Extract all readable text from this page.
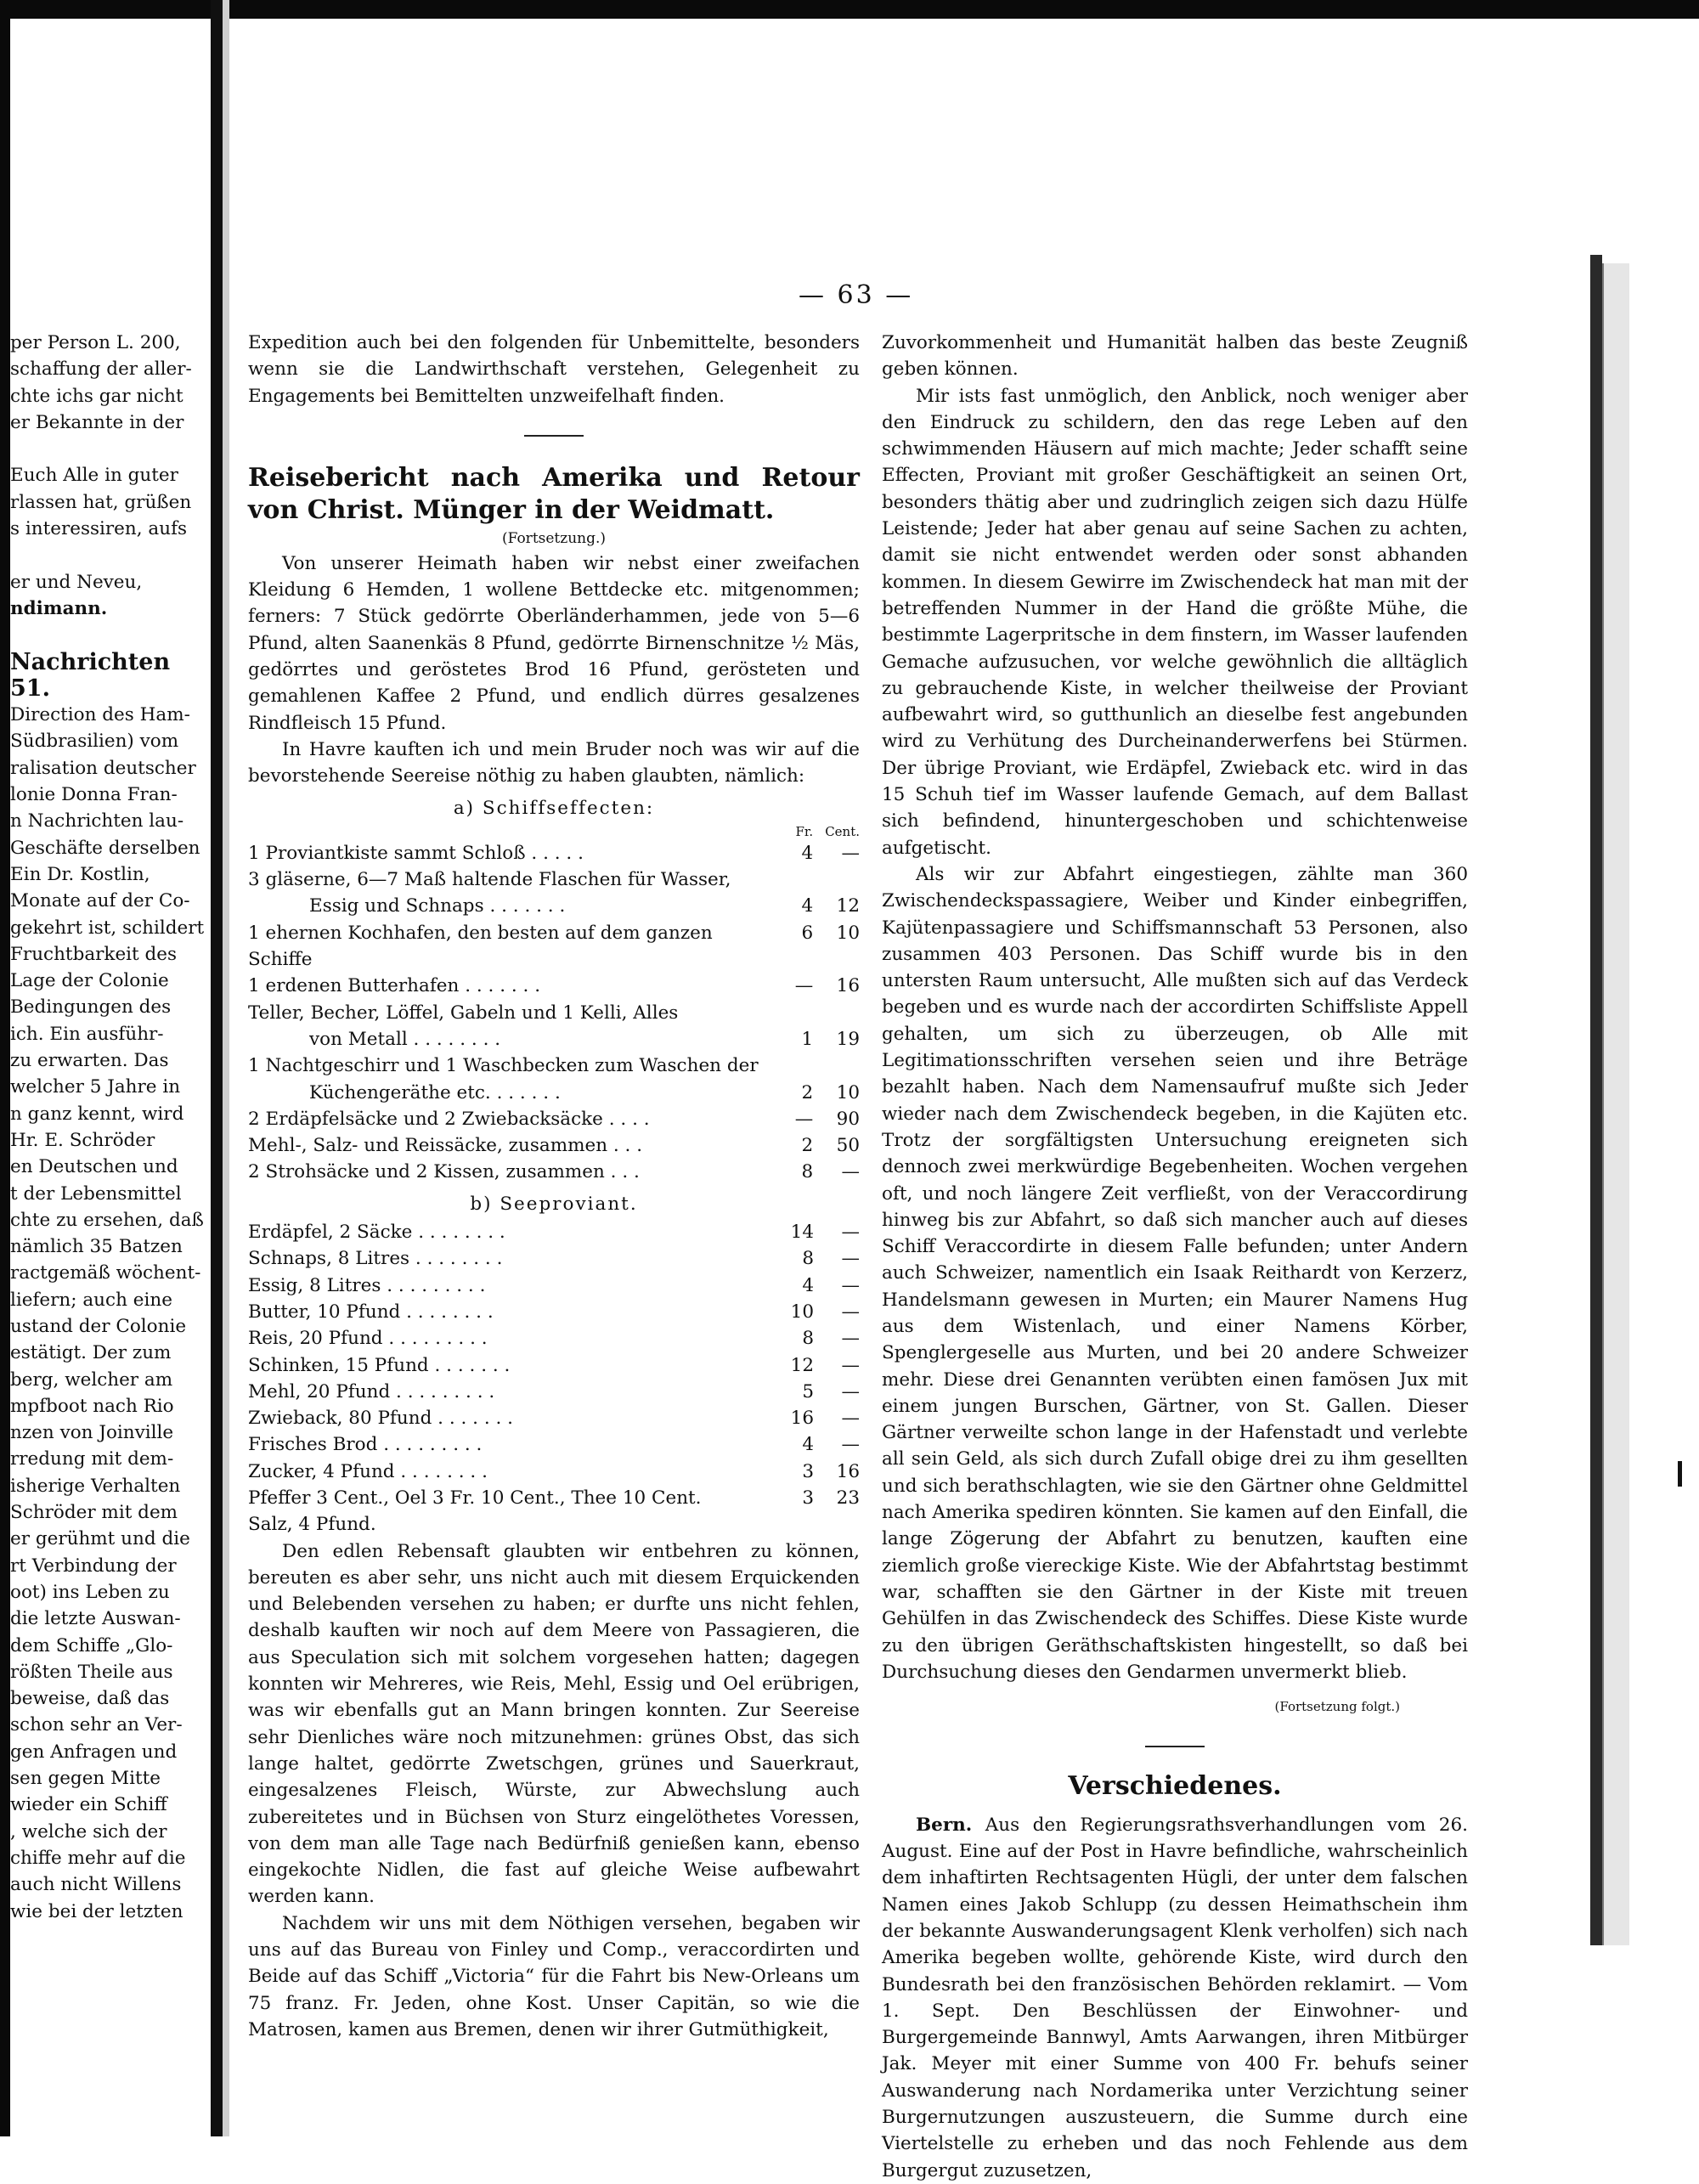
— 63 —
per Person L. 200,
schaffung der aller-
chte ichs gar nicht
er Bekannte in der

Euch Alle in guter
rlassen hat, grüßen
s interessiren, aufs

er und Neveu,
ndimann.

Nachrichten
51.
Direction des Ham-
Südbrasilien) vom
ralisation deutscher
lonie Donna Fran-
n Nachrichten lau-
Geschäfte derselben
Ein Dr. Kostlin,
Monate auf der Co-
gekehrt ist, schildert
Fruchtbarkeit des
Lage der Colonie
Bedingungen des
ich. Ein ausführ-
zu erwarten. Das
welcher 5 Jahre in
n ganz kennt, wird
Hr. E. Schröder
en Deutschen und
t der Lebensmittel
chte zu ersehen, daß
nämlich 35 Batzen
ractgemäß wöchent-
liefern; auch eine
ustand der Colonie
estätigt. Der zum
berg, welcher am
mpfboot nach Rio
nzen von Joinville
rredung mit dem-
isherige Verhalten
Schröder mit dem
er gerühmt und die
rt Verbindung der
oot) ins Leben zu
die letzte Auswan-
dem Schiffe „Glo-
rößten Theile aus
beweise, daß das
schon sehr an Ver-
gen Anfragen und
sen gegen Mitte
wieder ein Schiff
, welche sich der
chiffe mehr auf die
auch nicht Willens
wie bei der letzten

Expedition auch bei den folgenden für Unbemittelte, besonders wenn sie die Landwirthschaft verstehen, Gelegenheit zu Engagements bei Bemittelten unzweifelhaft finden.

Reisebericht nach Amerika und Retour von Christ. Münger in der Weidmatt.

(Fortsetzung.)

Von unserer Heimath haben wir nebst einer zweifachen Kleidung 6 Hemden, 1 wollene Bettdecke etc. mitgenommen; ferners: 7 Stück gedörrte Oberländerhammen, jede von 5—6 Pfund, alten Saanenkäs 8 Pfund, gedörrte Birnenschnitze ½ Mäs, gedörrtes und geröstetes Brod 16 Pfund, gerösteten und gemahlenen Kaffee 2 Pfund, und endlich dürres gesalzenes Rindfleisch 15 Pfund.

In Havre kauften ich und mein Bruder noch was wir auf die bevorstehende Seereise nöthig zu haben glaubten, nämlich:

a) Schiffseffecten:
	Fr.	Cent.
1 Proviantkiste sammt Schloß . . . . .	4	—
3 gläserne, 6—7 Maß haltende Flaschen für Wasser,		
Essig und Schnaps . . . . . . .	4	12
1 ehernen Kochhafen, den besten auf dem ganzen Schiffe	6	10
1 erdenen Butterhafen . . . . . . .	—	16
Teller, Becher, Löffel, Gabeln und 1 Kelli, Alles		
von Metall . . . . . . . .	1	19
1 Nachtgeschirr und 1 Waschbecken zum Waschen der		
Küchengeräthe etc. . . . . . .	2	10
2 Erdäpfelsäcke und 2 Zwiebacksäcke . . . .	—	90
Mehl-, Salz- und Reissäcke, zusammen . . .	2	50
2 Strohsäcke und 2 Kissen, zusammen . . .	8	—
b) Seeproviant.
Erdäpfel, 2 Säcke . . . . . . . .	14	—
Schnaps, 8 Litres . . . . . . . .	8	—
Essig, 8 Litres . . . . . . . . .	4	—
Butter, 10 Pfund . . . . . . . .	10	—
Reis, 20 Pfund . . . . . . . . .	8	—
Schinken, 15 Pfund . . . . . . .	12	—
Mehl, 20 Pfund . . . . . . . . .	5	—
Zwieback, 80 Pfund . . . . . . .	16	—
Frisches Brod . . . . . . . . .	4	—
Zucker, 4 Pfund . . . . . . . .	3	16
Pfeffer 3 Cent., Oel 3 Fr. 10 Cent., Thee 10 Cent.	3	23
Salz, 4 Pfund.		

Den edlen Rebensaft glaubten wir entbehren zu können, bereuten es aber sehr, uns nicht auch mit diesem Erquickenden und Belebenden versehen zu haben; er durfte uns nicht fehlen, deshalb kauften wir noch auf dem Meere von Passagieren, die aus Speculation sich mit solchem vorgesehen hatten; dagegen konnten wir Mehreres, wie Reis, Mehl, Essig und Oel erübrigen, was wir ebenfalls gut an Mann bringen konnten. Zur Seereise sehr Dienliches wäre noch mitzunehmen: grünes Obst, das sich lange haltet, gedörrte Zwetschgen, grünes und Sauerkraut, eingesalzenes Fleisch, Würste, zur Abwechslung auch zubereitetes und in Büchsen von Sturz eingelöthetes Voressen, von dem man alle Tage nach Bedürfniß genießen kann, ebenso eingekochte Nidlen, die fast auf gleiche Weise aufbewahrt werden kann.

Nachdem wir uns mit dem Nöthigen versehen, begaben wir uns auf das Bureau von Finley und Comp., veraccordirten und Beide auf das Schiff „Victoria“ für die Fahrt bis New-Orleans um 75 franz. Fr. Jeden, ohne Kost. Unser Capitän, so wie die Matrosen, kamen aus Bremen, denen wir ihrer Gutmüthigkeit,

Zuvorkommenheit und Humanität halben das beste Zeugniß geben können.

Mir ists fast unmöglich, den Anblick, noch weniger aber den Eindruck zu schildern, den das rege Leben auf den schwimmenden Häusern auf mich machte; Jeder schafft seine Effecten, Proviant mit großer Geschäftigkeit an seinen Ort, besonders thätig aber und zudringlich zeigen sich dazu Hülfe Leistende; Jeder hat aber genau auf seine Sachen zu achten, damit sie nicht entwendet werden oder sonst abhanden kommen. In diesem Gewirre im Zwischendeck hat man mit der betreffenden Nummer in der Hand die größte Mühe, die bestimmte Lagerpritsche in dem finstern, im Wasser laufenden Gemache aufzusuchen, vor welche gewöhnlich die alltäglich zu gebrauchende Kiste, in welcher theilweise der Proviant aufbewahrt wird, so gutthunlich an dieselbe fest angebunden wird zu Verhütung des Durcheinanderwerfens bei Stürmen. Der übrige Proviant, wie Erdäpfel, Zwieback etc. wird in das 15 Schuh tief im Wasser laufende Gemach, auf dem Ballast sich befindend, hinuntergeschoben und schichtenweise aufgetischt.

Als wir zur Abfahrt eingestiegen, zählte man 360 Zwischendeckspassagiere, Weiber und Kinder einbegriffen, Kajütenpassagiere und Schiffsmannschaft 53 Personen, also zusammen 403 Personen. Das Schiff wurde bis in den untersten Raum untersucht, Alle mußten sich auf das Verdeck begeben und es wurde nach der accordirten Schiffsliste Appell gehalten, um sich zu überzeugen, ob Alle mit Legitimationsschriften versehen seien und ihre Beträge bezahlt haben. Nach dem Namensaufruf mußte sich Jeder wieder nach dem Zwischendeck begeben, in die Kajüten etc. Trotz der sorgfältigsten Untersuchung ereigneten sich dennoch zwei merkwürdige Begebenheiten. Wochen vergehen oft, und noch längere Zeit verfließt, von der Veraccordirung hinweg bis zur Abfahrt, so daß sich mancher auch auf dieses Schiff Veraccordirte in diesem Falle befunden; unter Andern auch Schweizer, namentlich ein Isaak Reithardt von Kerzerz, Handelsmann gewesen in Murten; ein Maurer Namens Hug aus dem Wistenlach, und einer Namens Körber, Spenglergeselle aus Murten, und bei 20 andere Schweizer mehr. Diese drei Genannten verübten einen famösen Jux mit einem jungen Burschen, Gärtner, von St. Gallen. Dieser Gärtner verweilte schon lange in der Hafenstadt und verlebte all sein Geld, als sich durch Zufall obige drei zu ihm gesellten und sich berathschlagten, wie sie den Gärtner ohne Geldmittel nach Amerika spediren könnten. Sie kamen auf den Einfall, die lange Zögerung der Abfahrt zu benutzen, kauften eine ziemlich große viereckige Kiste. Wie der Abfahrtstag bestimmt war, schafften sie den Gärtner in der Kiste mit treuen Gehülfen in das Zwischendeck des Schiffes. Diese Kiste wurde zu den übrigen Geräthschaftskisten hingestellt, so daß bei Durchsuchung dieses den Gendarmen unvermerkt blieb.

(Fortsetzung folgt.)
Verschiedenes.

Bern. Aus den Regierungsrathsverhandlungen vom 26. August. Eine auf der Post in Havre befindliche, wahrscheinlich dem inhaftirten Rechtsagenten Hügli, der unter dem falschen Namen eines Jakob Schlupp (zu dessen Heimathschein ihm der bekannte Auswanderungsagent Klenk verholfen) sich nach Amerika begeben wollte, gehörende Kiste, wird durch den Bundesrath bei den französischen Behörden reklamirt. — Vom 1. Sept. Den Beschlüssen der Einwohner- und Burgergemeinde Bannwyl, Amts Aarwangen, ihren Mitbürger Jak. Meyer mit einer Summe von 400 Fr. behufs seiner Auswanderung nach Nordamerika unter Verzichtung seiner Burgernutzungen auszusteuern, die Summe durch eine Viertelstelle zu erheben und das noch Fehlende aus dem Burgergut zuzusetzen,
